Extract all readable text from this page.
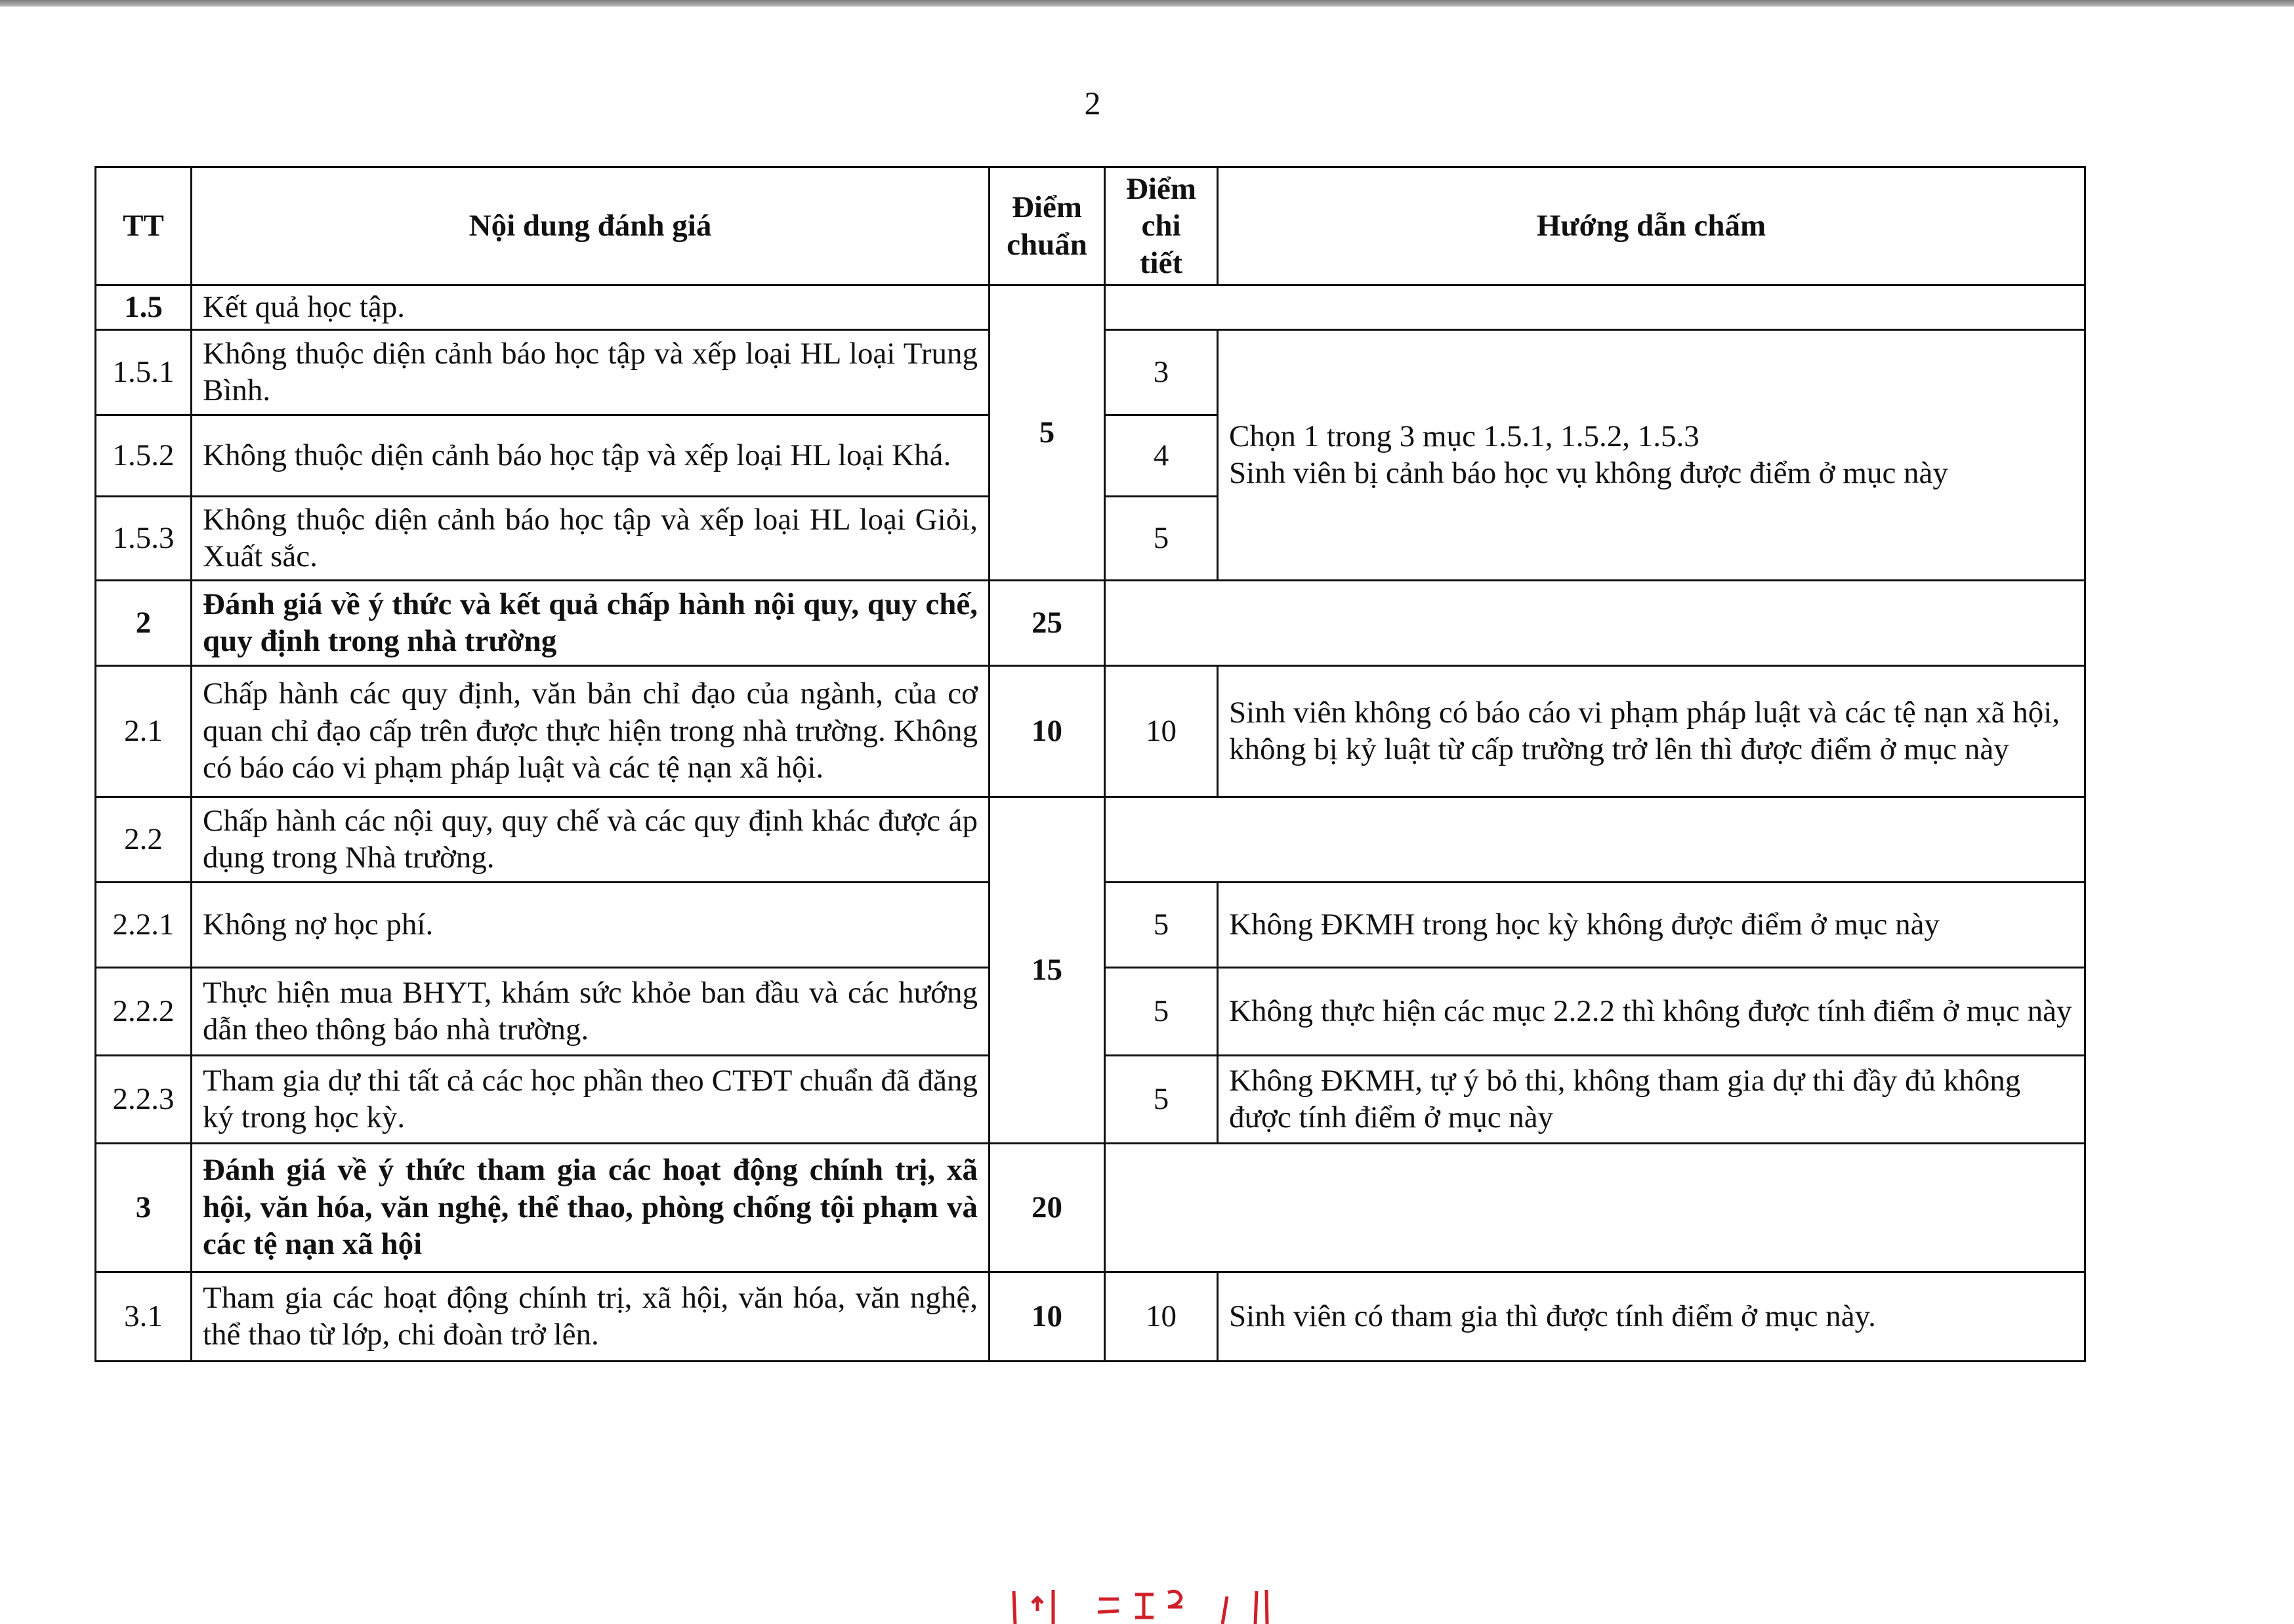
2
TT	Nội dung đánh giá	Điểm chuẩn	Điểm chi tiết	Hướng dẫn chấm
1.5	Kết quả học tập.	5		
1.5.1	Không thuộc diện cảnh báo học tập và xếp loại HL loại Trung Bình.		3	Chọn 1 trong 3 mục 1.5.1, 1.5.2, 1.5.3
Sinh viên bị cảnh báo học vụ không được điểm ở mục này
1.5.2	Không thuộc diện cảnh báo học tập và xếp loại HL loại Khá.		4	
1.5.3	Không thuộc diện cảnh báo học tập và xếp loại HL loại Giỏi, Xuất sắc.		5	
2	Đánh giá về ý thức và kết quả chấp hành nội quy, quy chế, quy định trong nhà trường	25		
2.1	Chấp hành các quy định, văn bản chỉ đạo của ngành, của cơ quan chỉ đạo cấp trên được thực hiện trong nhà trường. Không có báo cáo vi phạm pháp luật và các tệ nạn xã hội.	10	10	Sinh viên không có báo cáo vi phạm pháp luật và các tệ nạn xã hội, không bị kỷ luật từ cấp trường trở lên thì được điểm ở mục này
2.2	Chấp hành các nội quy, quy chế và các quy định khác được áp dụng trong Nhà trường.	15		
2.2.1	Không nợ học phí.		5	Không ĐKMH trong học kỳ không được điểm ở mục này
2.2.2	Thực hiện mua BHYT, khám sức khỏe ban đầu và các hướng dẫn theo thông báo nhà trường.		5	Không thực hiện các mục 2.2.2 thì không được tính điểm ở mục này
2.2.3	Tham gia dự thi tất cả các học phần theo CTĐT chuẩn đã đăng ký trong học kỳ.		5	Không ĐKMH, tự ý bỏ thi, không tham gia dự thi đầy đủ không được tính điểm ở mục này
3	Đánh giá về ý thức tham gia các hoạt động chính trị, xã hội, văn hóa, văn nghệ, thể thao, phòng chống tội phạm và các tệ nạn xã hội	20		
3.1	Tham gia các hoạt động chính trị, xã hội, văn hóa, văn nghệ, thể thao từ lớp, chi đoàn trở lên.	10	10	Sinh viên có tham gia thì được tính điểm ở mục này.
